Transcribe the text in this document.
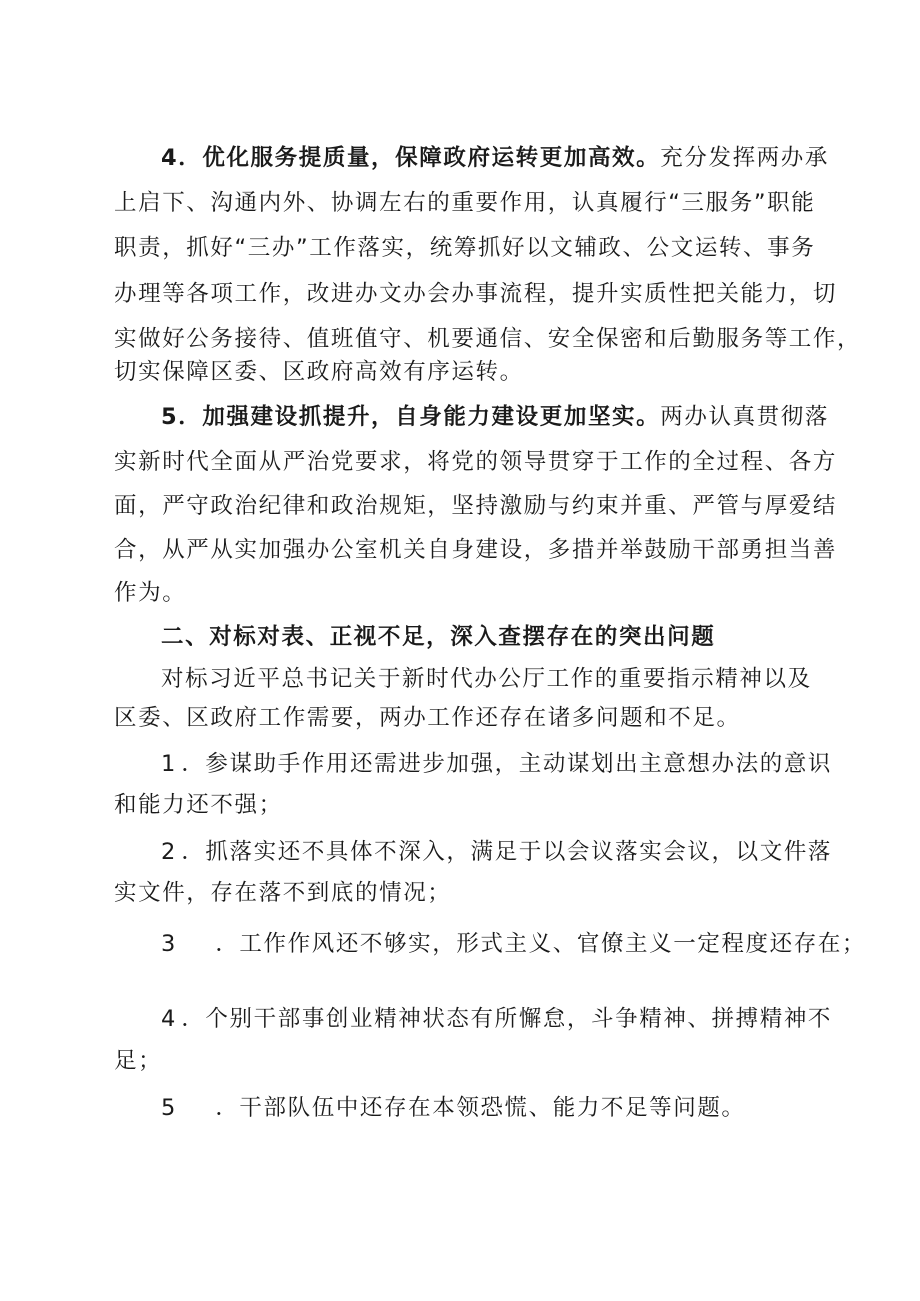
4．优化服务提质量，保障政府运转更加高效。充分发挥两办承
上启下、沟通内外、协调左右的重要作用，认真履行“三服务”职能
职责，抓好“三办”工作落实，统筹抓好以文辅政、公文运转、事务
办理等各项工作，改进办文办会办事流程，提升实质性把关能力，切
实做好公务接待、值班值守、机要通信、安全保密和后勤服务等工作，
切实保障区委、区政府高效有序运转。
5．加强建设抓提升，自身能力建设更加坚实。两办认真贯彻落
实新时代全面从严治党要求，将党的领导贯穿于工作的全过程、各方
面，严守政治纪律和政治规矩，坚持激励与约束并重、严管与厚爱结
合，从严从实加强办公室机关自身建设，多措并举鼓励干部勇担当善
作为。
二、对标对表、正视不足，深入查摆存在的突出问题
对标习近平总书记关于新时代办公厅工作的重要指示精神以及
区委、区政府工作需要，两办工作还存在诸多问题和不足。
1 ．参谋助手作用还需进步加强，主动谋划出主意想办法的意识
和能力还不强；
2 ．抓落实还不具体不深入，满足于以会议落实会议，以文件落
实文件，存在落不到底的情况；
3 ．工作作风还不够实，形式主义、官僚主义一定程度还存在；
4 ．个别干部事创业精神状态有所懈怠，斗争精神、拼搏精神不
足；
5 ．干部队伍中还存在本领恐慌、能力不足等问题。
